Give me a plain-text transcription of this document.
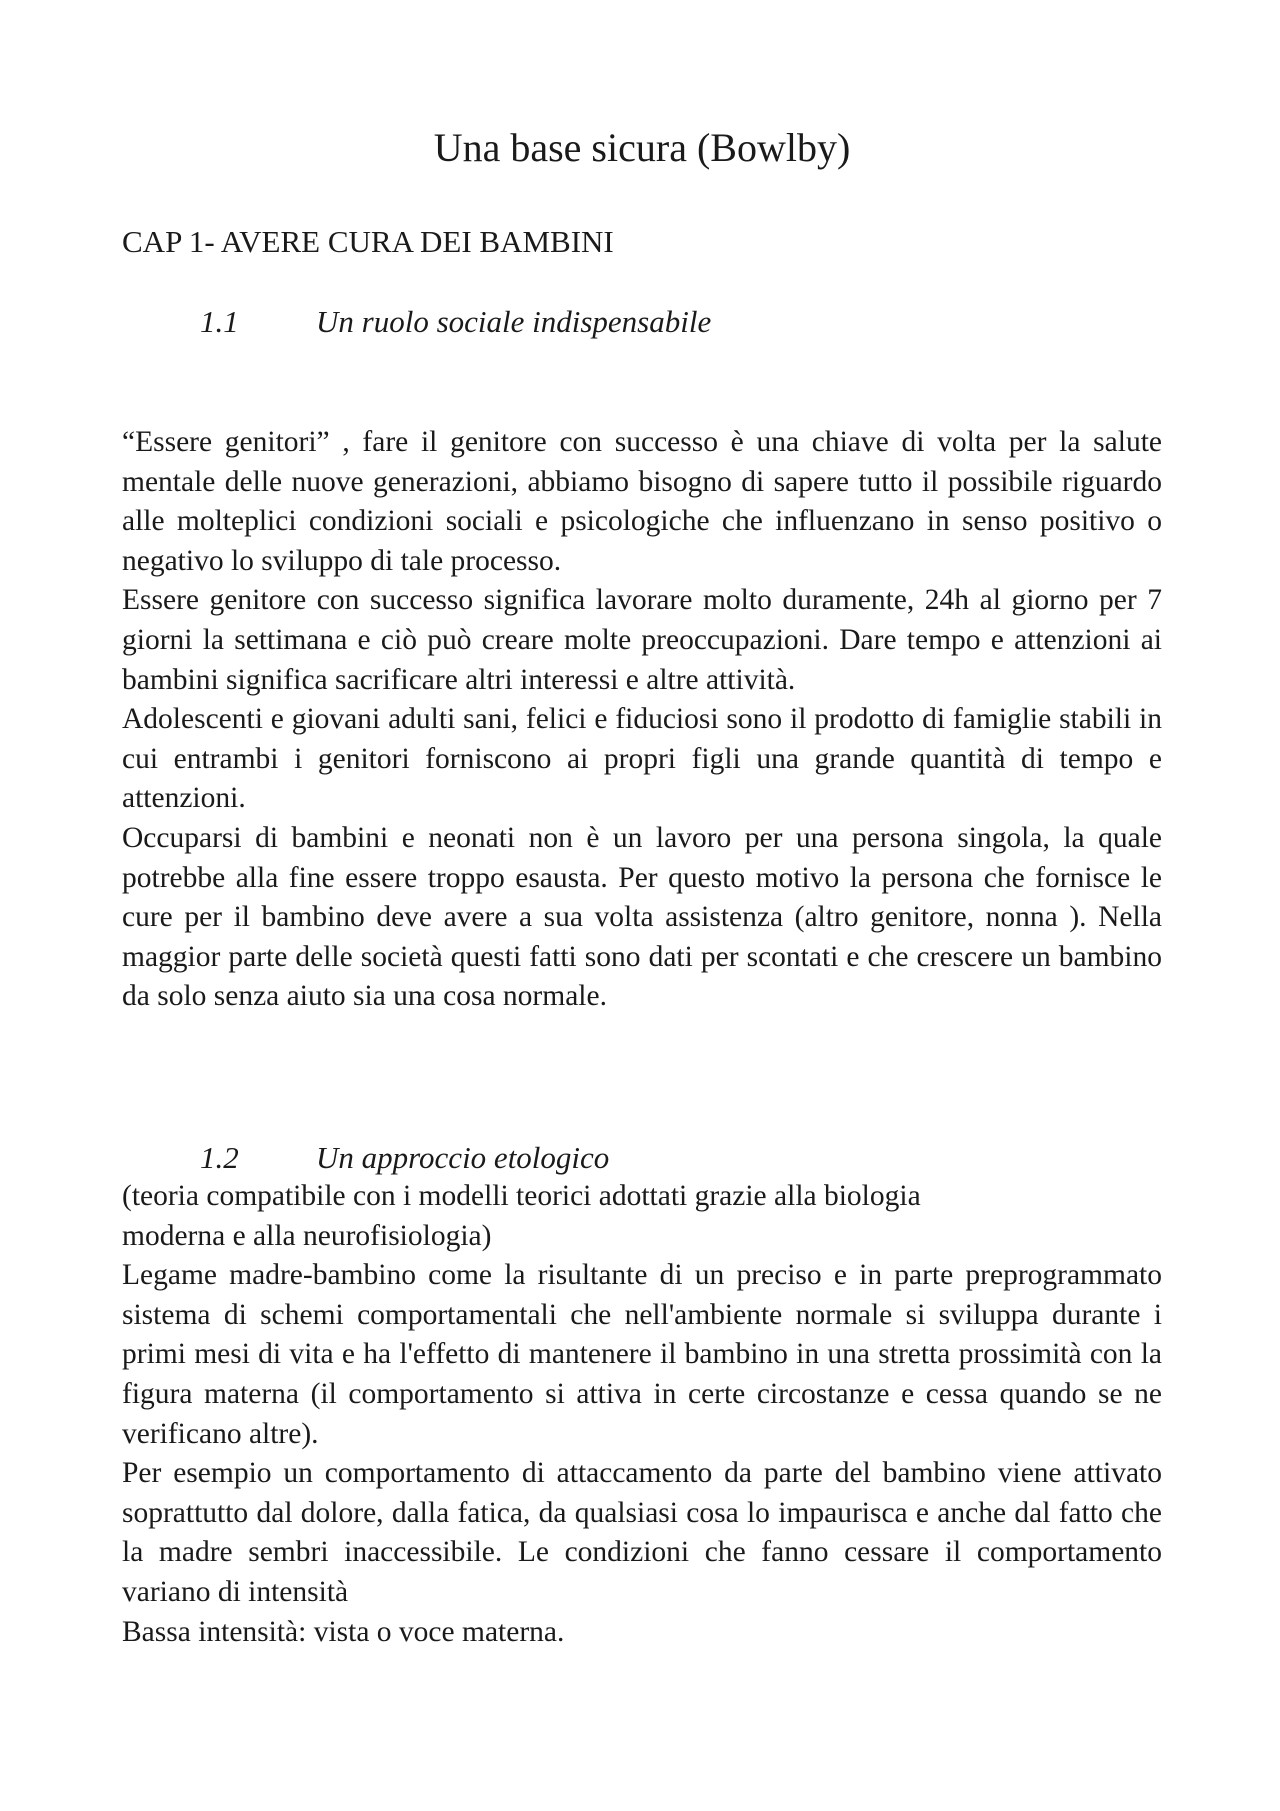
Una base sicura (Bowlby)
CAP 1- AVERE CURA DEI BAMBINI
1.1 Un ruolo sociale indispensabile

“Essere genitori” , fare il genitore con successo è una chiave di volta per la salute mentale delle nuove generazioni, abbiamo bisogno di sapere tutto il possibile riguardo alle molteplici condizioni sociali e psicologiche che influenzano in senso positivo o negativo lo sviluppo di tale processo.

Essere genitore con successo significa lavorare molto duramente, 24h al giorno per 7 giorni la settimana e ciò può creare molte preoccupazioni. Dare tempo e attenzioni ai bambini significa sacrificare altri interessi e altre attività.

Adolescenti e giovani adulti sani, felici e fiduciosi sono il prodotto di famiglie stabili in cui entrambi i genitori forniscono ai propri figli una grande quantità di tempo e attenzioni.

Occuparsi di bambini e neonati non è un lavoro per una persona singola, la quale potrebbe alla fine essere troppo esausta. Per questo motivo la persona che fornisce le cure per il bambino deve avere a sua volta assistenza (altro genitore, nonna ). Nella maggior parte delle società questi fatti sono dati per scontati e che crescere un bambino da solo senza aiuto sia una cosa normale.

1.2 Un approccio etologico

(teoria compatibile con i modelli teorici adottati grazie alla biologia

moderna e alla neurofisiologia)

Legame madre-bambino come la risultante di un preciso e in parte preprogrammato sistema di schemi comportamentali che nell'ambiente normale si sviluppa durante i primi mesi di vita e ha l'effetto di mantenere il bambino in una stretta prossimità con la figura materna (il comportamento si attiva in certe circostanze e cessa quando se ne verificano altre).

Per esempio un comportamento di attaccamento da parte del bambino viene attivato soprattutto dal dolore, dalla fatica, da qualsiasi cosa lo impaurisca e anche dal fatto che la madre sembri inaccessibile. Le condizioni che fanno cessare il comportamento variano di intensità

Bassa intensità: vista o voce materna.
